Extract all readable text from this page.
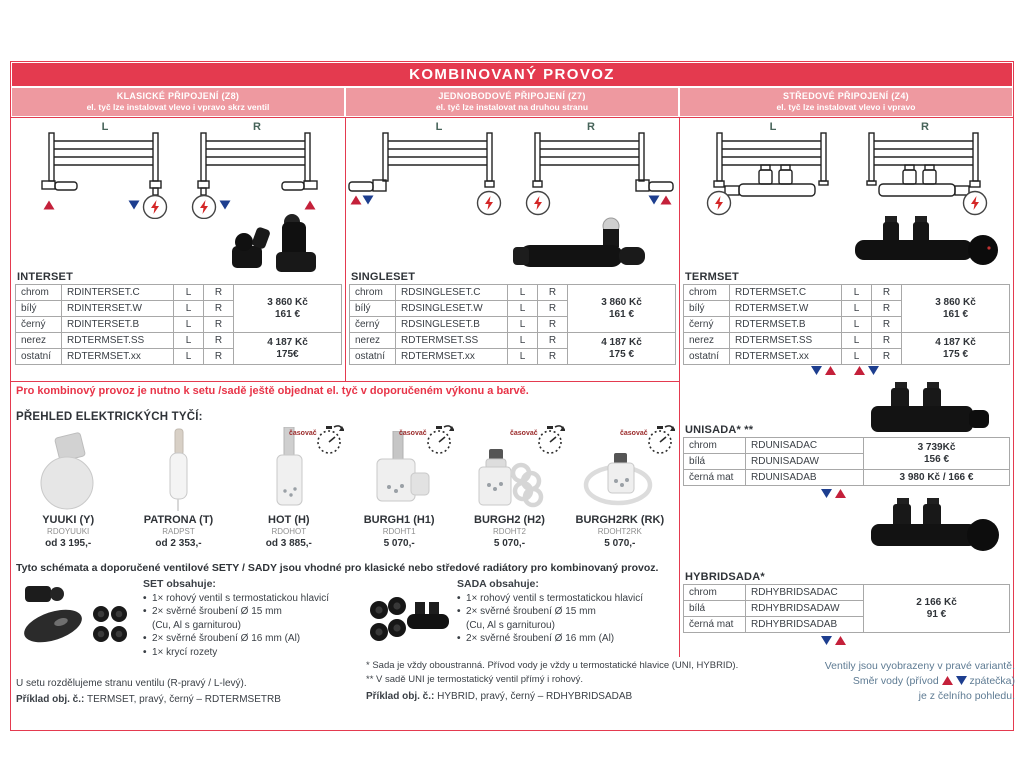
KOMBINOVANÝ PROVOZ
KLASICKÉ PŘIPOJENÍ (Z8)
el. tyč lze instalovat vlevo i vpravo skrz ventil
JEDNOBODOVÉ PŘIPOJENÍ (Z7)
el. tyč lze instalovat na druhou stranu
STŘEDOVÉ PŘIPOJENÍ (Z4)
el. tyč lze instalovat vlevo i vpravo
L	R	L	R	L	R
INTERSET
chrom	RDINTERSET.C	L	R	3 860 Kč
161 €

bílý	RDINTERSET.W	L	R	
černý	RDINTERSET.B	L	R	
nerez	RDTERMSET.SS	L	R	4 187 Kč
175€

ostatní	RDTERMSET.xx	L	R	
SINGLESET
chrom	RDSINGLESET.C	L	R	3 860 Kč
161 €

bílý	RDSINGLESET.W	L	R	
černý	RDSINGLESET.B	L	R	
nerez	RDTERMSET.SS	L	R	4 187 Kč
175 €

ostatní	RDTERMSET.xx	L	R	
TERMSET
chrom	RDTERMSET.C	L	R	3 860 Kč
161 €

bílý	RDTERMSET.W	L	R	
černý	RDTERMSET.B	L	R	
nerez	RDTERMSET.SS	L	R	4 187 Kč
175 €

ostatní	RDTERMSET.xx	L	R	
Pro kombinový provoz je nutno k setu /sadě ještě objednat el. tyč v doporučeném výkonu a barvě.
PŘEHLED ELEKTRICKÝCH TYČÍ:
YUUKI (Y)
RDOYUUKI
od 3 195,-
PATRONA (T)
RADPST
od 2 353,-
časovač
HOT (H)
RDOHOT
od 3 885,-
časovač
BURGH1 (H1)
RDOHT1
5 070,-
časovač
BURGH2 (H2)
RDOHT2
5 070,-
časovač
BURGH2RK (RK)
RDOHT2RK
5 070,-
Tyto schémata a doporučené ventilové SETY / SADY jsou vhodné pro klasické nebo středové radiátory pro kombinovaný provoz.
SET obsahuje:
• 1× rohový ventil s termostatickou hlavicí
• 2× svěrné šroubení Ø 15 mm
(Cu, Al s garniturou)
• 2× svěrné šroubení Ø 16 mm (Al)
• 1× krycí rozety
SADA obsahuje:
• 1× rohový ventil s termostatickou hlavicí
• 2× svěrné šroubení Ø 15 mm
(Cu, Al s garniturou)
• 2× svěrné šroubení Ø 16 mm (Al)
* Sada je vždy oboustranná. Přívod vody je vždy u termostatické hlavice (UNI, HYBRID).
** V sadě UNI je termostatický ventil přímý i rohový.
Příklad obj. č.: HYBRID, pravý, černý – RDHYBRIDSADAB
U setu rozdělujeme stranu ventilu (R-pravý / L-levý).
Příklad obj. č.: TERMSET, pravý, černý – RDTERMSETRB
UNISADA* **
chrom	RDUNISADAC	3 739Kč
156 €

bílá	RDUNISADAW	
černá mat	RDUNISADAB	3 980 Kč / 166 €
HYBRIDSADA*
chrom	RDHYBRIDSADAC	2 166 Kč
91 €

bílá	RDHYBRIDSADAW	
černá mat	RDHYBRIDSADAB	
Ventily jsou vyobrazeny v pravé variantě.
Směr vody (přívod	zpátečka)
je z čelního pohledu.
